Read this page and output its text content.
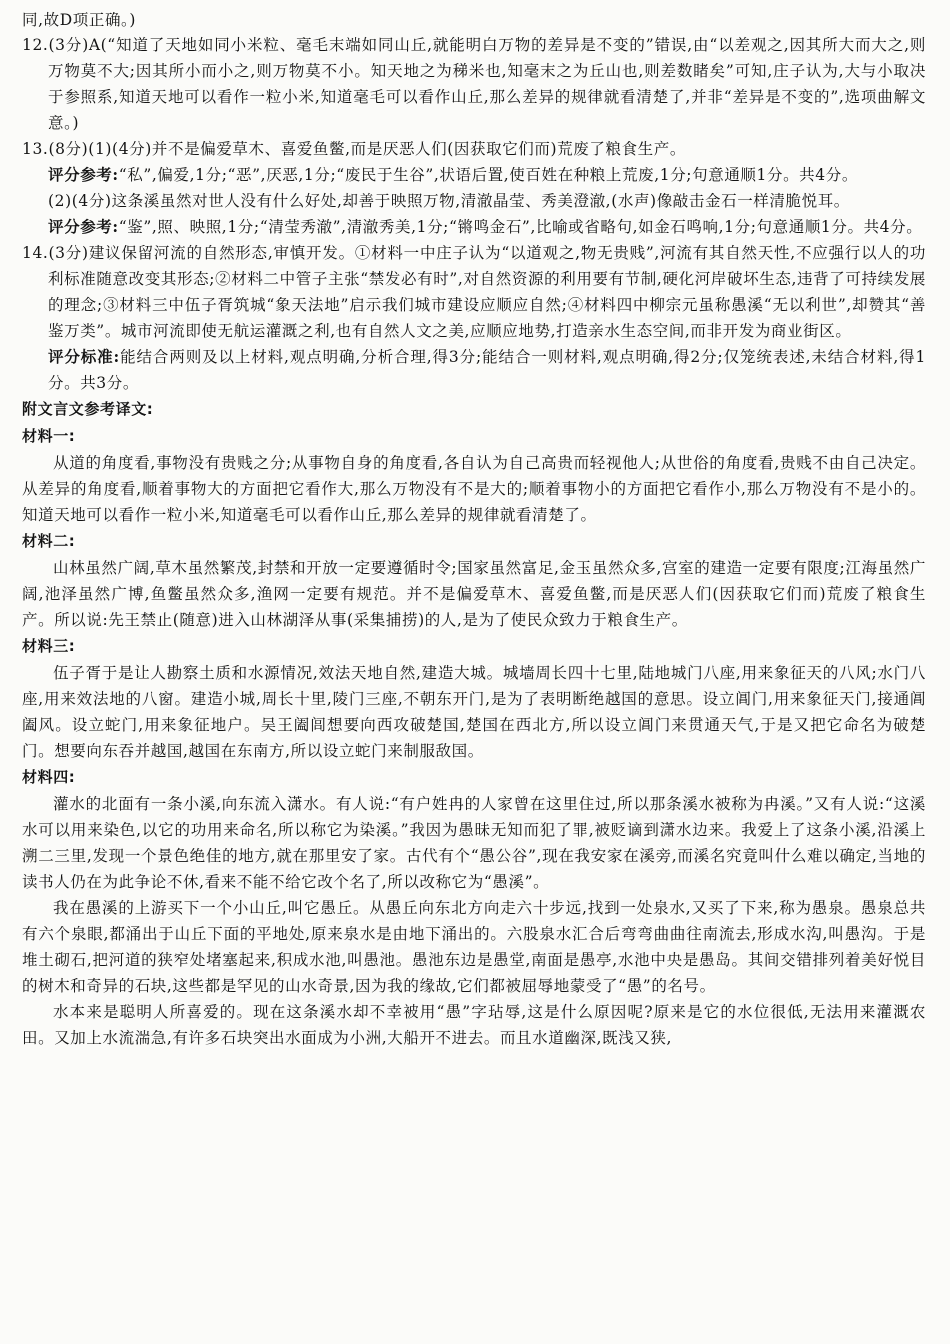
同,故D项正确。)

12.(3分)A(“知道了天地如同小米粒、毫毛末端如同山丘,就能明白万物的差异是不变的”错误,由“以差观之,因其所大而大之,则万物莫不大;因其所小而小之,则万物莫不小。知天地之为稊米也,知毫末之为丘山也,则差数睹矣”可知,庄子认为,大与小取决于参照系,知道天地可以看作一粒小米,知道毫毛可以看作山丘,那么差异的规律就看清楚了,并非“差异是不变的”,选项曲解文意。)

13.(8分)(1)(4分)并不是偏爱草木、喜爱鱼鳖,而是厌恶人们(因获取它们而)荒废了粮食生产。

评分参考:“私”,偏爱,1分;“恶”,厌恶,1分;“废民于生谷”,状语后置,使百姓在种粮上荒废,1分;句意通顺1分。共4分。

(2)(4分)这条溪虽然对世人没有什么好处,却善于映照万物,清澈晶莹、秀美澄澈,(水声)像敲击金石一样清脆悦耳。

评分参考:“鉴”,照、映照,1分;“清莹秀澈”,清澈秀美,1分;“锵鸣金石”,比喻或省略句,如金石鸣响,1分;句意通顺1分。共4分。

14.(3分)建议保留河流的自然形态,审慎开发。①材料一中庄子认为“以道观之,物无贵贱”,河流有其自然天性,不应强行以人的功利标准随意改变其形态;②材料二中管子主张“禁发必有时”,对自然资源的利用要有节制,硬化河岸破坏生态,违背了可持续发展的理念;③材料三中伍子胥筑城“象天法地”启示我们城市建设应顺应自然;④材料四中柳宗元虽称愚溪“无以利世”,却赞其“善鉴万类”。城市河流即使无航运灌溉之利,也有自然人文之美,应顺应地势,打造亲水生态空间,而非开发为商业街区。

评分标准:能结合两则及以上材料,观点明确,分析合理,得3分;能结合一则材料,观点明确,得2分;仅笼统表述,未结合材料,得1分。共3分。

附文言文参考译文:

材料一:

从道的角度看,事物没有贵贱之分;从事物自身的角度看,各自认为自己高贵而轻视他人;从世俗的角度看,贵贱不由自己决定。从差异的角度看,顺着事物大的方面把它看作大,那么万物没有不是大的;顺着事物小的方面把它看作小,那么万物没有不是小的。知道天地可以看作一粒小米,知道毫毛可以看作山丘,那么差异的规律就看清楚了。

材料二:

山林虽然广阔,草木虽然繁茂,封禁和开放一定要遵循时令;国家虽然富足,金玉虽然众多,宫室的建造一定要有限度;江海虽然广阔,池泽虽然广博,鱼鳖虽然众多,渔网一定要有规范。并不是偏爱草木、喜爱鱼鳖,而是厌恶人们(因获取它们而)荒废了粮食生产。所以说:先王禁止(随意)进入山林湖泽从事(采集捕捞)的人,是为了使民众致力于粮食生产。

材料三:

伍子胥于是让人勘察土质和水源情况,效法天地自然,建造大城。城墙周长四十七里,陆地城门八座,用来象征天的八风;水门八座,用来效法地的八窗。建造小城,周长十里,陵门三座,不朝东开门,是为了表明断绝越国的意思。设立阊门,用来象征天门,接通阊阖风。设立蛇门,用来象征地户。吴王阖闾想要向西攻破楚国,楚国在西北方,所以设立阊门来贯通天气,于是又把它命名为破楚门。想要向东吞并越国,越国在东南方,所以设立蛇门来制服敌国。

材料四:

灌水的北面有一条小溪,向东流入潇水。有人说:“有户姓冉的人家曾在这里住过,所以那条溪水被称为冉溪。”又有人说:“这溪水可以用来染色,以它的功用来命名,所以称它为染溪。”我因为愚昧无知而犯了罪,被贬谪到潇水边来。我爱上了这条小溪,沿溪上溯二三里,发现一个景色绝佳的地方,就在那里安了家。古代有个“愚公谷”,现在我安家在溪旁,而溪名究竟叫什么难以确定,当地的读书人仍在为此争论不休,看来不能不给它改个名了,所以改称它为“愚溪”。

我在愚溪的上游买下一个小山丘,叫它愚丘。从愚丘向东北方向走六十步远,找到一处泉水,又买了下来,称为愚泉。愚泉总共有六个泉眼,都涌出于山丘下面的平地处,原来泉水是由地下涌出的。六股泉水汇合后弯弯曲曲往南流去,形成水沟,叫愚沟。于是堆土砌石,把河道的狭窄处堵塞起来,积成水池,叫愚池。愚池东边是愚堂,南面是愚亭,水池中央是愚岛。其间交错排列着美好悦目的树木和奇异的石块,这些都是罕见的山水奇景,因为我的缘故,它们都被屈辱地蒙受了“愚”的名号。

水本来是聪明人所喜爱的。现在这条溪水却不幸被用“愚”字玷辱,这是什么原因呢?原来是它的水位很低,无法用来灌溉农田。又加上水流湍急,有许多石块突出水面成为小洲,大船开不进去。而且水道幽深,既浅又狭,
